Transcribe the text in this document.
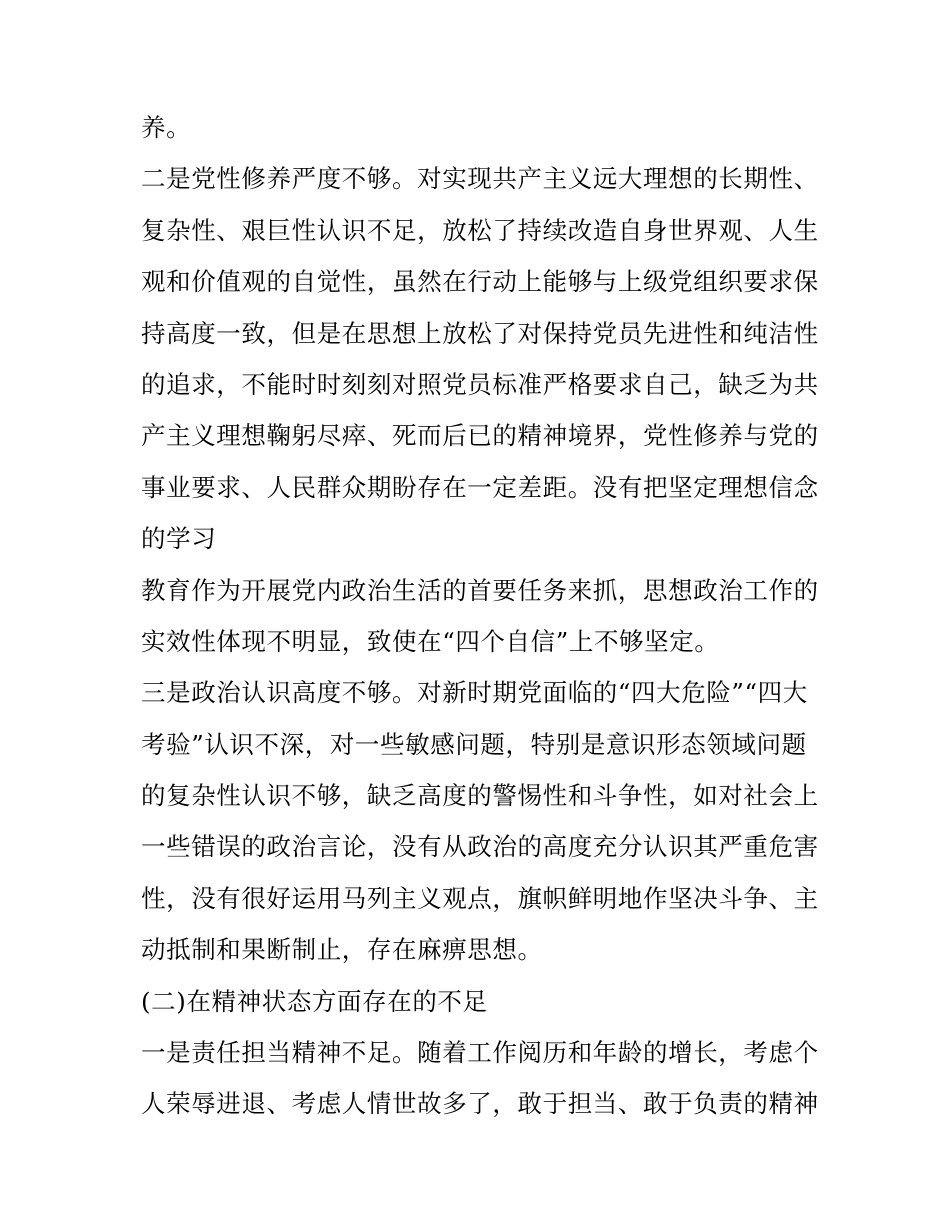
养。
二是党性修养严度不够。对实现共产主义远大理想的长期性、
复杂性、艰巨性认识不足，放松了持续改造自身世界观、人生
观和价值观的自觉性，虽然在行动上能够与上级党组织要求保
持高度一致，但是在思想上放松了对保持党员先进性和纯洁性
的追求，不能时时刻刻对照党员标准严格要求自己，缺乏为共
产主义理想鞠躬尽瘁、死而后已的精神境界，党性修养与党的
事业要求、人民群众期盼存在一定差距。没有把坚定理想信念
的学习
教育作为开展党内政治生活的首要任务来抓，思想政治工作的
实效性体现不明显，致使在“四个自信”上不够坚定。
三是政治认识高度不够。对新时期党面临的“四大危险”“四大
考验”认识不深，对一些敏感问题，特别是意识形态领域问题
的复杂性认识不够，缺乏高度的警惕性和斗争性，如对社会上
一些错误的政治言论，没有从政治的高度充分认识其严重危害
性，没有很好运用马列主义观点，旗帜鲜明地作坚决斗争、主
动抵制和果断制止，存在麻痹思想。
(二)在精神状态方面存在的不足
一是责任担当精神不足。随着工作阅历和年龄的增长，考虑个
人荣辱进退、考虑人情世故多了，敢于担当、敢于负责的精神
